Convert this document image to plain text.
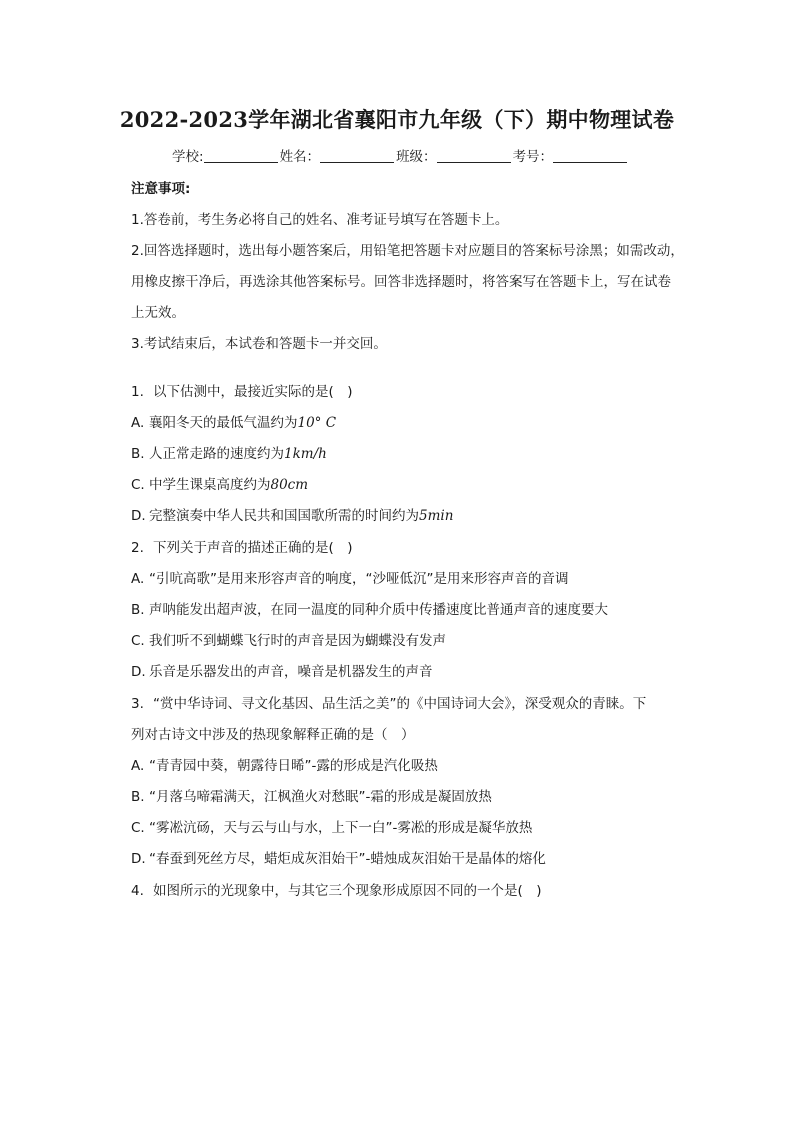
2022-2023学年湖北省襄阳市九年级（下）期中物理试卷
学校:	姓名：	班级：	考号：
注意事项:
1.答卷前，考生务必将自己的姓名、准考证号填写在答题卡上。
2.回答选择题时，选出每小题答案后，用铅笔把答题卡对应题目的答案标号涂黑；如需改动，
用橡皮擦干净后，再选涂其他答案标号。回答非选择题时，将答案写在答题卡上，写在试卷
上无效。
3.考试结束后，本试卷和答题卡一并交回。
1. 以下估测中，最接近实际的是(　)
A. 襄阳冬天的最低气温约为10° C
B. 人正常走路的速度约为1km/h
C. 中学生课桌高度约为80cm
D. 完整演奏中华人民共和国国歌所需的时间约为5min
2. 下列关于声音的描述正确的是(　)
A. “引吭高歌”是用来形容声音的响度，“沙哑低沉”是用来形容声音的音调
B. 声呐能发出超声波，在同一温度的同种介质中传播速度比普通声音的速度要大
C. 我们听不到蝴蝶飞行时的声音是因为蝴蝶没有发声
D. 乐音是乐器发出的声音，噪音是机器发生的声音
3. “赏中华诗词、寻文化基因、品生活之美”的《中国诗词大会》，深受观众的青睐。下
列对古诗文中涉及的热现象解释正确的是（　）
A. “青青园中葵，朝露待日晞”-露的形成是汽化吸热
B. “月落乌啼霜满天，江枫渔火对愁眠”-霜的形成是凝固放热
C. “雾凇沆砀，天与云与山与水，上下一白”-雾凇的形成是凝华放热
D. “春蚕到死丝方尽，蜡炬成灰泪始干”-蜡烛成灰泪始干是晶体的熔化
4. 如图所示的光现象中，与其它三个现象形成原因不同的一个是(　)
